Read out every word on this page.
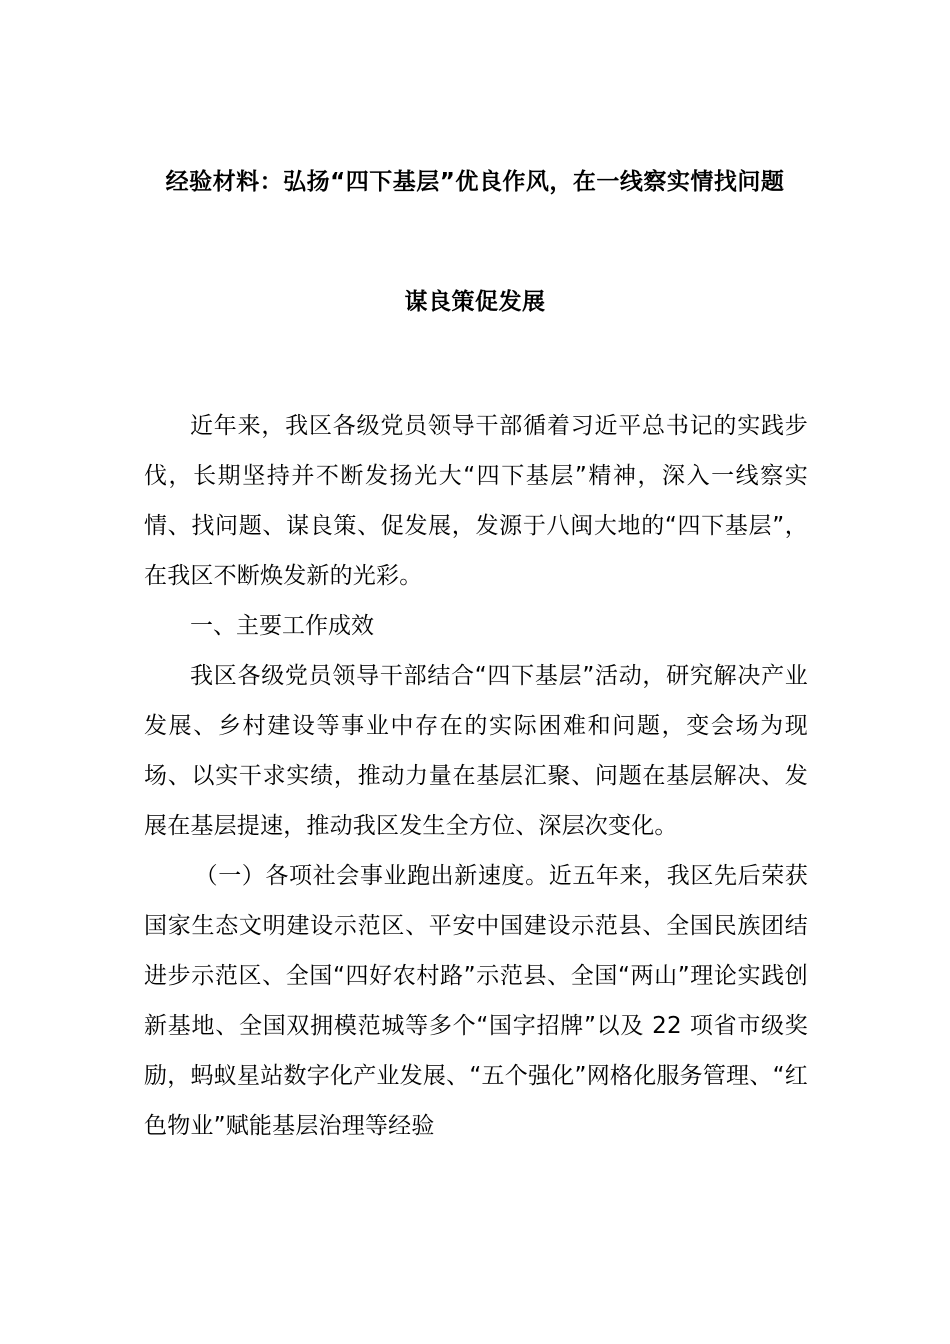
经验材料：弘扬“四下基层”优良作风，在一线察实情找问题
谋良策促发展

近年来，我区各级党员领导干部循着习近平总书记的实践步伐，长期坚持并不断发扬光大“四下基层”精神，深入一线察实情、找问题、谋良策、促发展，发源于八闽大地的“四下基层”，在我区不断焕发新的光彩。

一、主要工作成效

我区各级党员领导干部结合“四下基层”活动，研究解决产业发展、乡村建设等事业中存在的实际困难和问题，变会场为现场、以实干求实绩，推动力量在基层汇聚、问题在基层解决、发展在基层提速，推动我区发生全方位、深层次变化。

（一）各项社会事业跑出新速度。近五年来，我区先后荣获国家生态文明建设示范区、平安中国建设示范县、全国民族团结进步示范区、全国“四好农村路”示范县、全国“两山”理论实践创新基地、全国双拥模范城等多个“国字招牌”以及 22 项省市级奖励，蚂蚁星站数字化产业发展、“五个强化”网格化服务管理、“红色物业”赋能基层治理等经验
